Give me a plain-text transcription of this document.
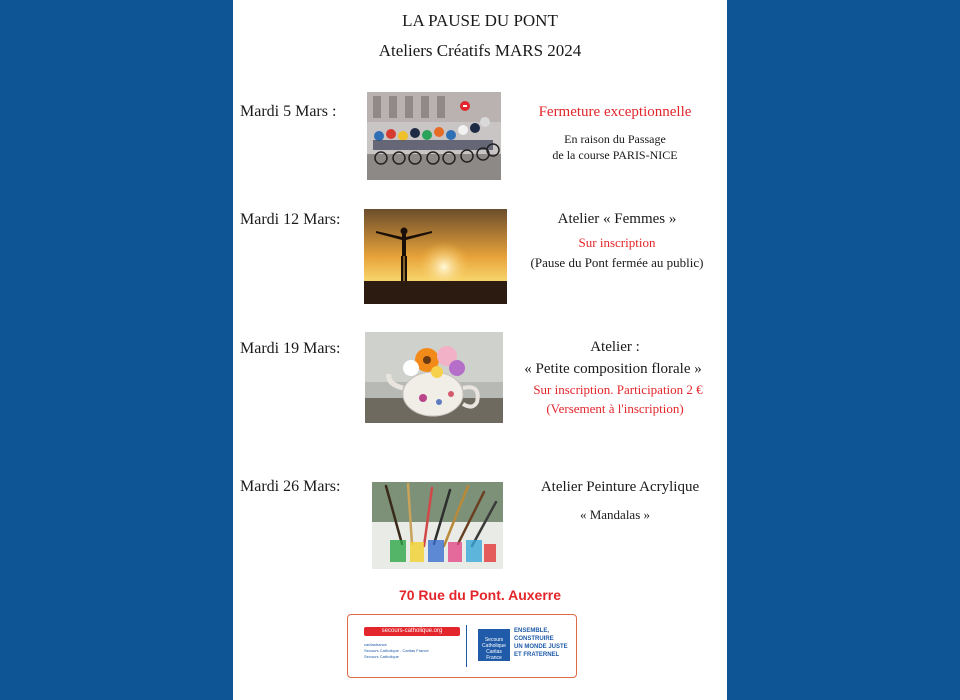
LA PAUSE DU PONT
Ateliers Créatifs MARS 2024
Mardi 5 Mars :	Fermeture exceptionnelle
En raison du Passage
de la course PARIS-NICE
Mardi 12 Mars:	Atelier « Femmes »
Sur inscription
(Pause du Pont fermée au public)
Mardi 19 Mars:	Atelier :
« Petite composition florale »
Sur inscription. Participation 2 €
(Versement à l'inscription)
Mardi 26 Mars:	Atelier Peinture Acrylique
« Mandalas »
70 Rue du Pont. Auxerre
secours-catholique.org
caritasfrance
Secours Catholique - Caritas France
Secours Catholique
Secours
Catholique
Caritas France
ENSEMBLE,
CONSTRUIRE
UN MONDE JUSTE
ET FRATERNEL
